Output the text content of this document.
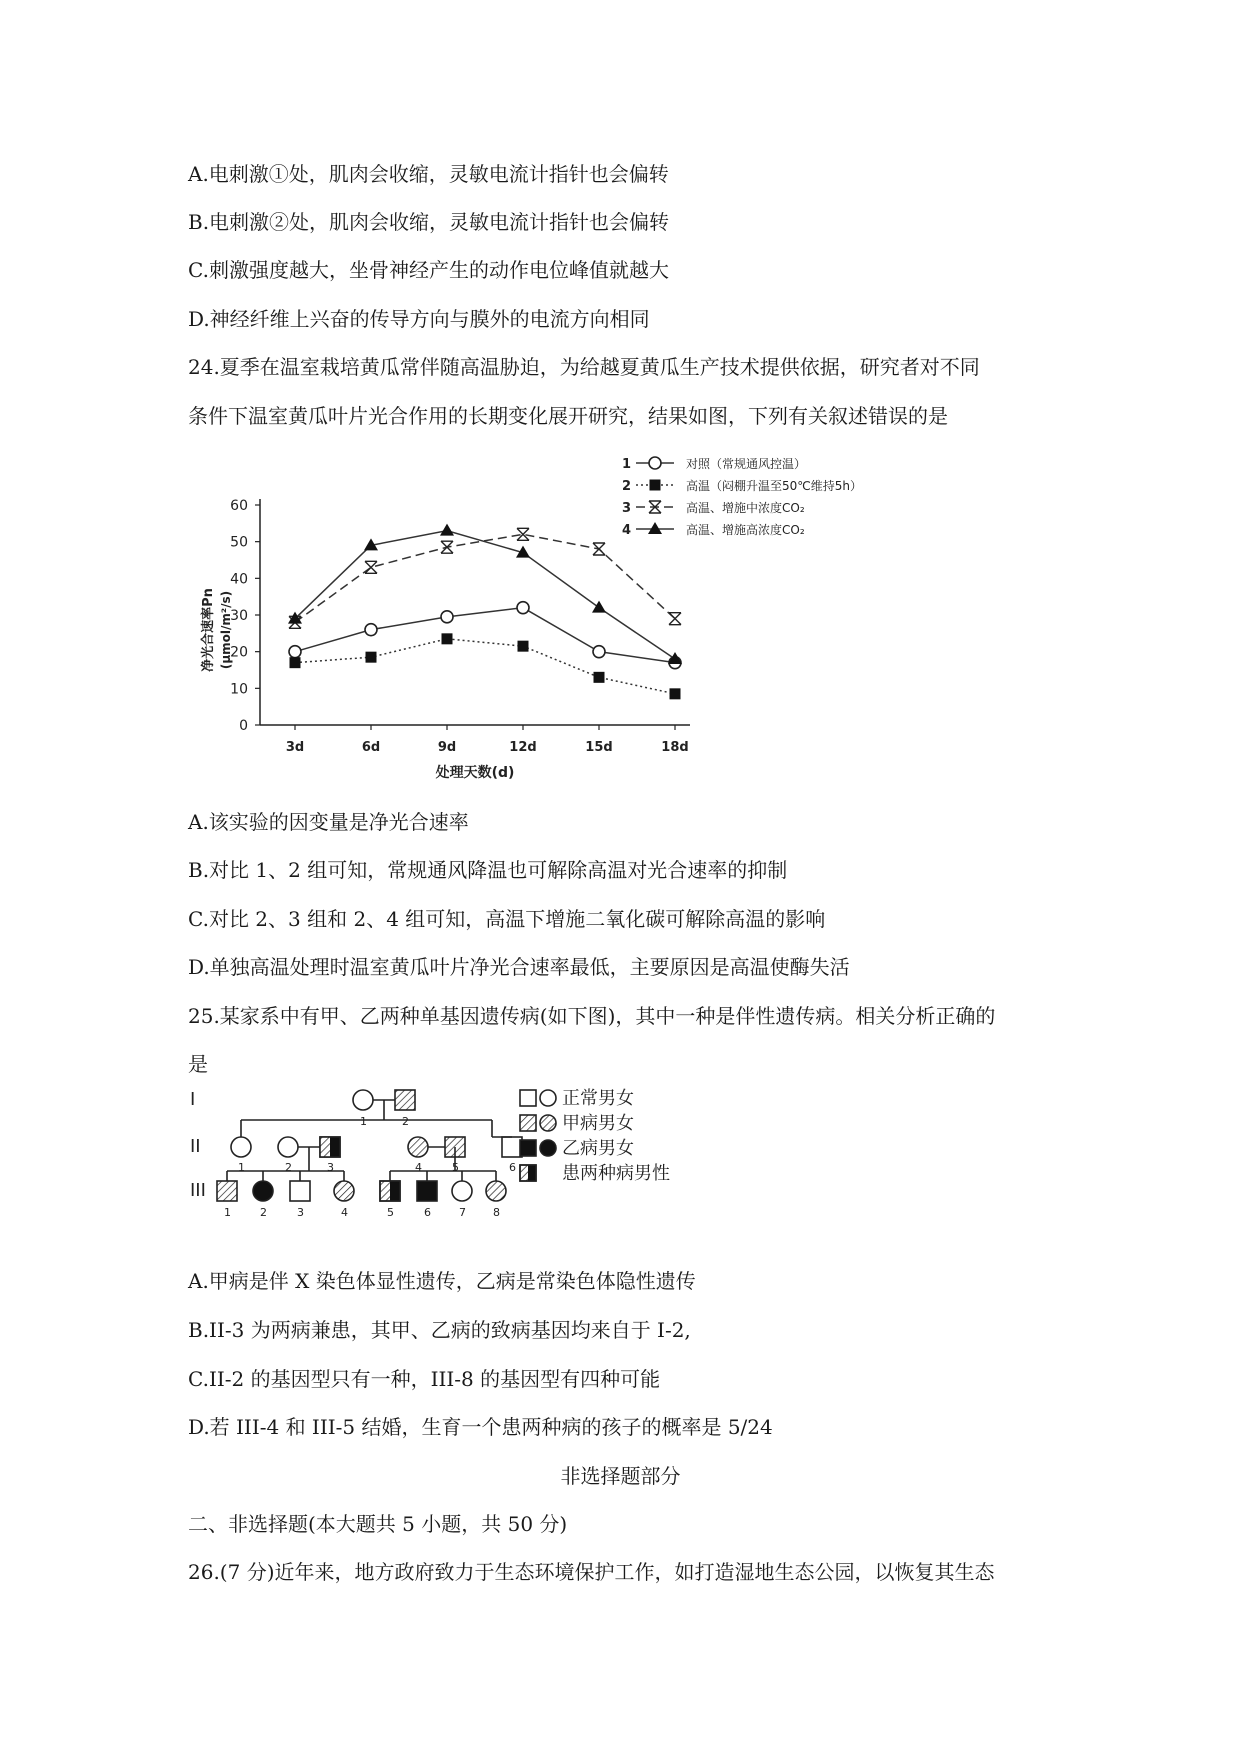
A.电刺激①处，肌肉会收缩，灵敏电流计指针也会偏转
B.电刺激②处，肌肉会收缩，灵敏电流计指针也会偏转
C.刺激强度越大，坐骨神经产生的动作电位峰值就越大
D.神经纤维上兴奋的传导方向与膜外的电流方向相同
24.夏季在温室栽培黄瓜常伴随高温胁迫，为给越夏黄瓜生产技术提供依据，研究者对不同
条件下温室黄瓜叶片光合作用的长期变化展开研究，结果如图，下列有关叙述错误的是
0
10
20
30
40
50
60
3d	6d	9d	12d	15d	18d
处理天数(d)
净光合速率Pn (μmol/m²/s)
1	对照（常规通风控温）
2	高温（闷棚升温至50℃维持5h）
3	高温、增施中浓度CO₂
4	高温、增施高浓度CO₂
A.该实验的因变量是净光合速率
B.对比 1、2 组可知，常规通风降温也可解除高温对光合速率的抑制
C.对比 2、3 组和 2、4 组可知，高温下增施二氧化碳可解除高温的影响
D.单独高温处理时温室黄瓜叶片净光合速率最低，主要原因是高温使酶失活
25.某家系中有甲、乙两种单基因遗传病(如下图)，其中一种是伴性遗传病。相关分析正确的
是
I
II
III
1	2
1	2	3	4	5	6
1	2	3	4	5	6	7 8
正常男女
甲病男女
乙病男女
患两种病男性
A.甲病是伴 X 染色体显性遗传，乙病是常染色体隐性遗传
B.II-3 为两病兼患，其甲、乙病的致病基因均来自于 I-2,
C.II-2 的基因型只有一种，III-8 的基因型有四种可能
D.若 III-4 和 III-5 结婚，生育一个患两种病的孩子的概率是 5/24
非选择题部分
二、非选择题(本大题共 5 小题，共 50 分)
26.(7 分)近年来，地方政府致力于生态环境保护工作，如打造湿地生态公园，以恢复其生态
